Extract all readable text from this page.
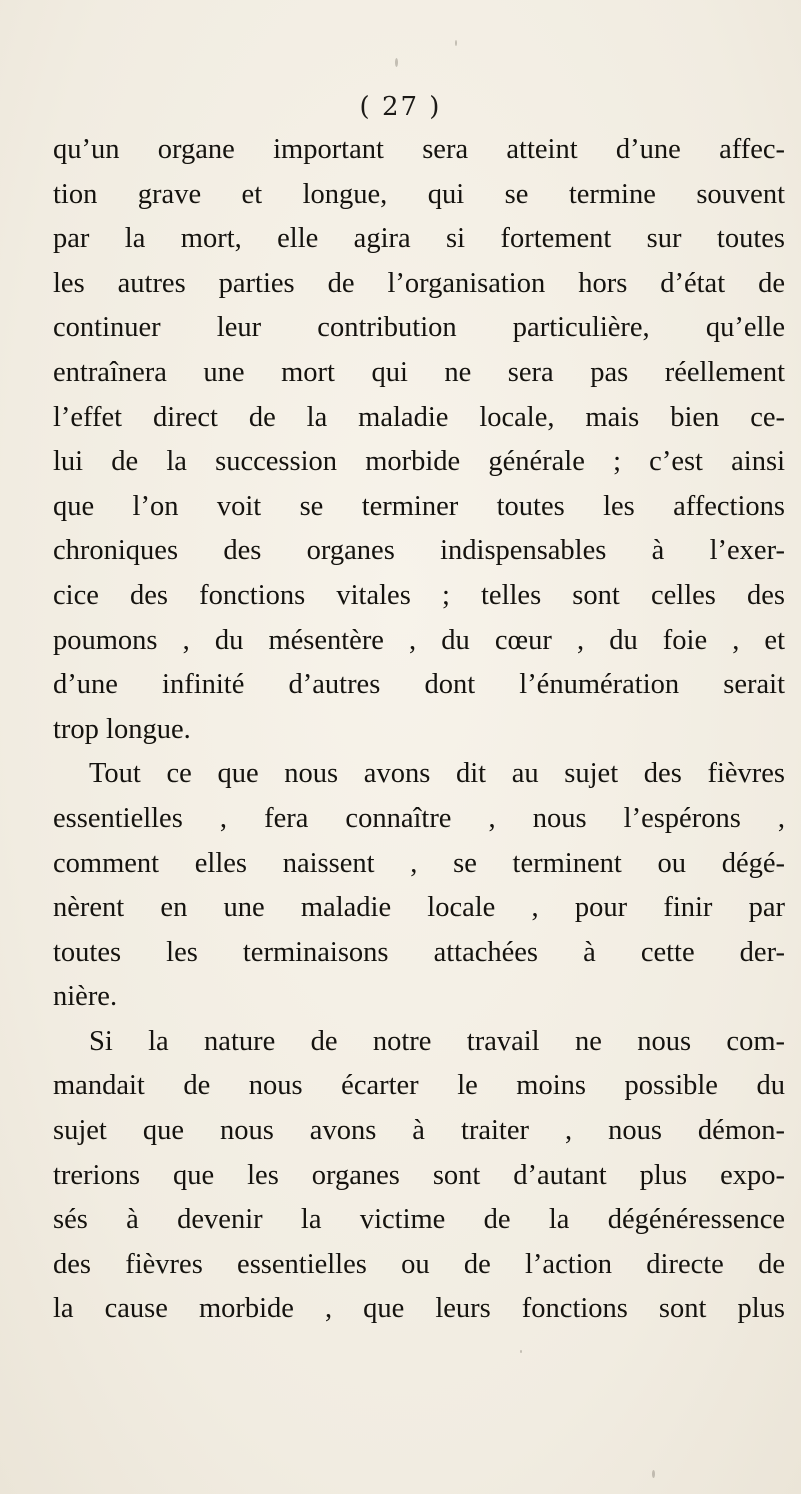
( 27 )
qu’un organe important sera atteint d’une affec-
tion grave et longue, qui se termine souvent
par la mort, elle agira si fortement sur toutes
les autres parties de l’organisation hors d’état de
continuer leur contribution particulière, qu’elle
entraînera une mort qui ne sera pas réellement
l’effet direct de la maladie locale, mais bien ce-
lui de la succession morbide générale ; c’est ainsi
que l’on voit se terminer toutes les affections
chroniques des organes indispensables à l’exer-
cice des fonctions vitales ; telles sont celles des
poumons , du mésentère , du cœur , du foie , et
d’une infinité d’autres dont l’énumération serait
trop longue.
Tout ce que nous avons dit au sujet des fièvres
essentielles , fera connaître , nous l’espérons ,
comment elles naissent , se terminent ou dégé-
nèrent en une maladie locale , pour finir par
toutes les terminaisons attachées à cette der-
nière.
Si la nature de notre travail ne nous com-
mandait de nous écarter le moins possible du
sujet que nous avons à traiter , nous démon-
trerions que les organes sont d’autant plus expo-
sés à devenir la victime de la dégénéressence
des fièvres essentielles ou de l’action directe de
la cause morbide , que leurs fonctions sont plus
